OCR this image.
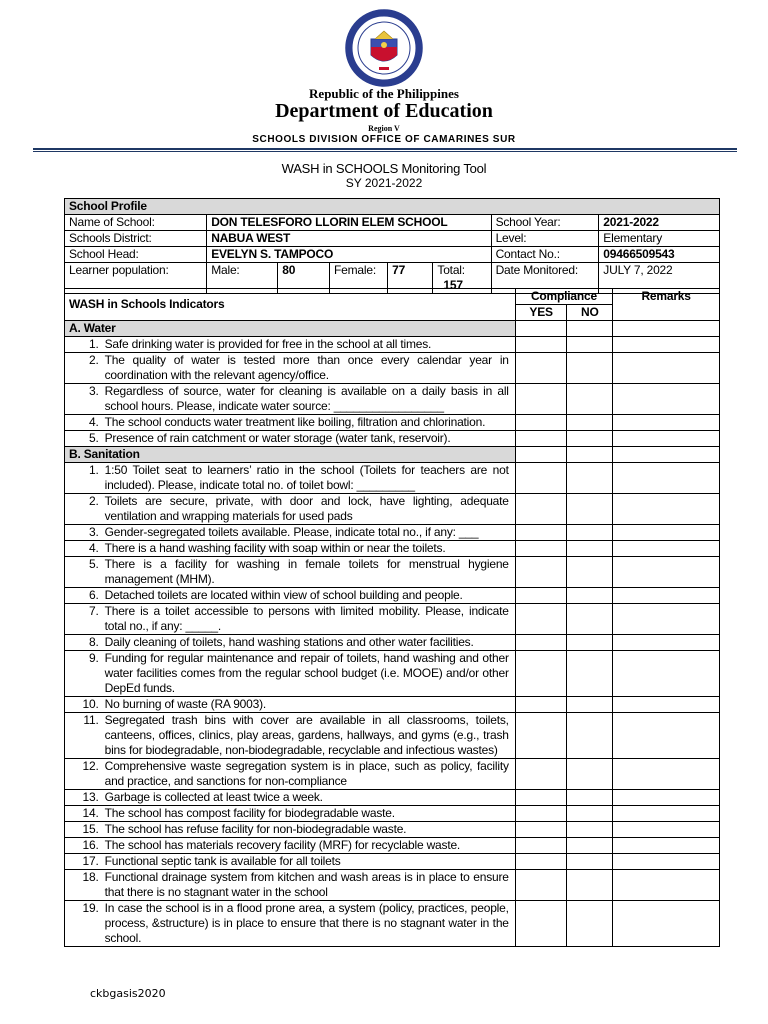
Republic of the Philippines
Department of Education
Region V
SCHOOLS DIVISION OFFICE OF CAMARINES SUR
WASH in SCHOOLS Monitoring Tool
SY 2021-2022
School Profile							
Name of School:	DON TELESFORO LLORIN ELEM SCHOOL					School Year:	2021-2022
Schools District:	NABUA WEST					Level:	Elementary
School Head:	EVELYN S. TAMPOCO					Contact No.:	09466509543
Learner population:	Male:	80	Female:	77	Total: 157	Date Monitored:	JULY 7, 2022
WASH in Schools Indicators		Compliance		Remarks
		YES	NO	
A. Water				
1.	Safe drinking water is provided for free in the school at all times.			
2.	The quality of water is tested more than once every calendar year in coordination with the relevant agency/office.			
3.	Regardless of source, water for cleaning is available on a daily basis in all school hours. Please, indicate water source: _________________			
4.	The school conducts water treatment like boiling, filtration and chlorination.			
5.	Presence of rain catchment or water storage (water tank, reservoir).			
B. Sanitation				
1.	1:50 Toilet seat to learners’ ratio in the school (Toilets for teachers are not included). Please, indicate total no. of toilet bowl: _________			
2.	Toilets are secure, private, with door and lock, have lighting, adequate ventilation and wrapping materials for used pads			
3.	Gender-segregated toilets available. Please, indicate total no., if any: ___			
4.	There is a hand washing facility with soap within or near the toilets.			
5.	There is a facility for washing in female toilets for menstrual hygiene management (MHM).			
6.	Detached toilets are located within view of school building and people.			
7.	There is a toilet accessible to persons with limited mobility. Please, indicate total no., if any: _____.			
8.	Daily cleaning of toilets, hand washing stations and other water facilities.			
9.	Funding for regular maintenance and repair of toilets, hand washing and other water facilities comes from the regular school budget (i.e. MOOE) and/or other DepEd funds.			
10.	No burning of waste (RA 9003).			
11.	Segregated trash bins with cover are available in all classrooms, toilets, canteens, offices, clinics, play areas, gardens, hallways, and gyms (e.g., trash bins for biodegradable, non-biodegradable, recyclable and infectious wastes)			
12.	Comprehensive waste segregation system is in place, such as policy, facility and practice, and sanctions for non-compliance			
13.	Garbage is collected at least twice a week.			
14.	The school has compost facility for biodegradable waste.			
15.	The school has refuse facility for non-biodegradable waste.			
16.	The school has materials recovery facility (MRF) for recyclable waste.			
17.	Functional septic tank is available for all toilets			
18.	Functional drainage system from kitchen and wash areas is in place to ensure that there is no stagnant water in the school			
19.	In case the school is in a flood prone area, a system (policy, practices, people, process, &structure) is in place to ensure that there is no stagnant water in the school.			
ckbgasis2020
